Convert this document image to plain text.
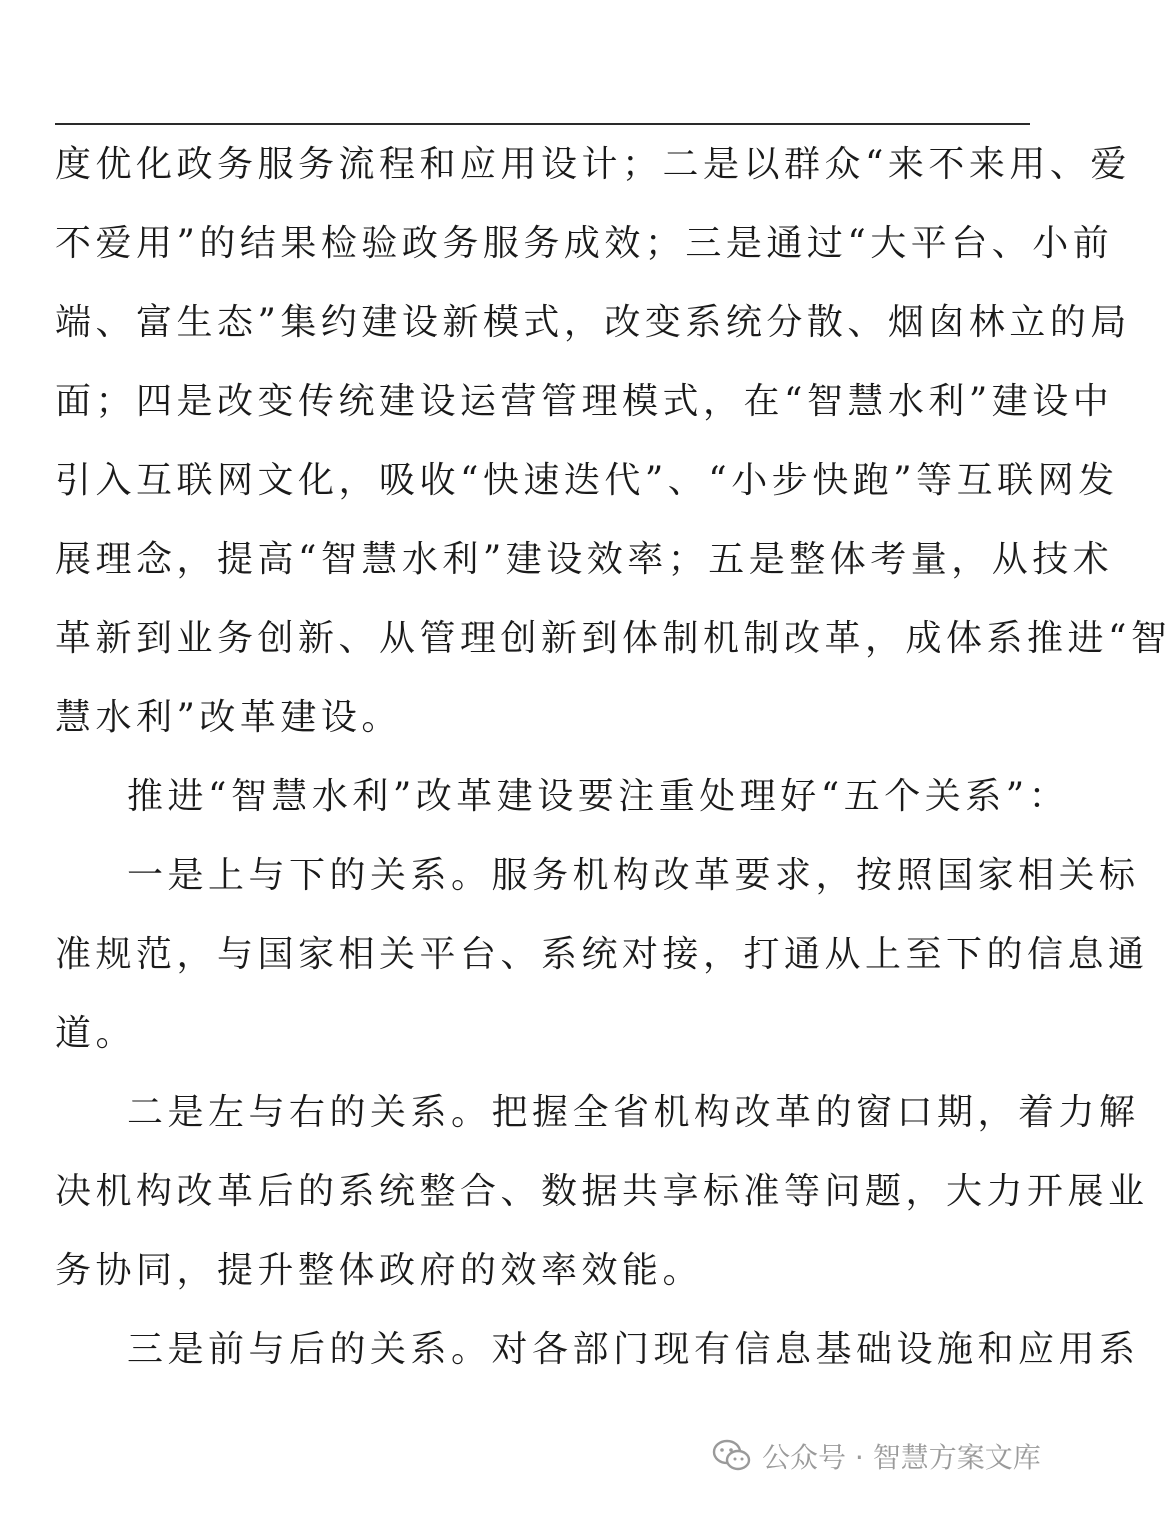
度优化政务服务流程和应用设计；二是以群众“来不来用、爱
不爱用”的结果检验政务服务成效；三是通过“大平台、小前
端、富生态”集约建设新模式，改变系统分散、烟囱林立的局
面；四是改变传统建设运营管理模式，在“智慧水利”建设中
引入互联网文化，吸收“快速迭代”、“小步快跑”等互联网发
展理念，提高“智慧水利”建设效率；五是整体考量，从技术
革新到业务创新、从管理创新到体制机制改革，成体系推进“智
慧水利”改革建设。
推进“智慧水利”改革建设要注重处理好“五个关系”：
一是上与下的关系。服务机构改革要求，按照国家相关标
准规范，与国家相关平台、系统对接，打通从上至下的信息通
道。
二是左与右的关系。把握全省机构改革的窗口期，着力解
决机构改革后的系统整合、数据共享标准等问题，大力开展业
务协同，提升整体政府的效率效能。
三是前与后的关系。对各部门现有信息基础设施和应用系
公众号 · 智慧方案文库
